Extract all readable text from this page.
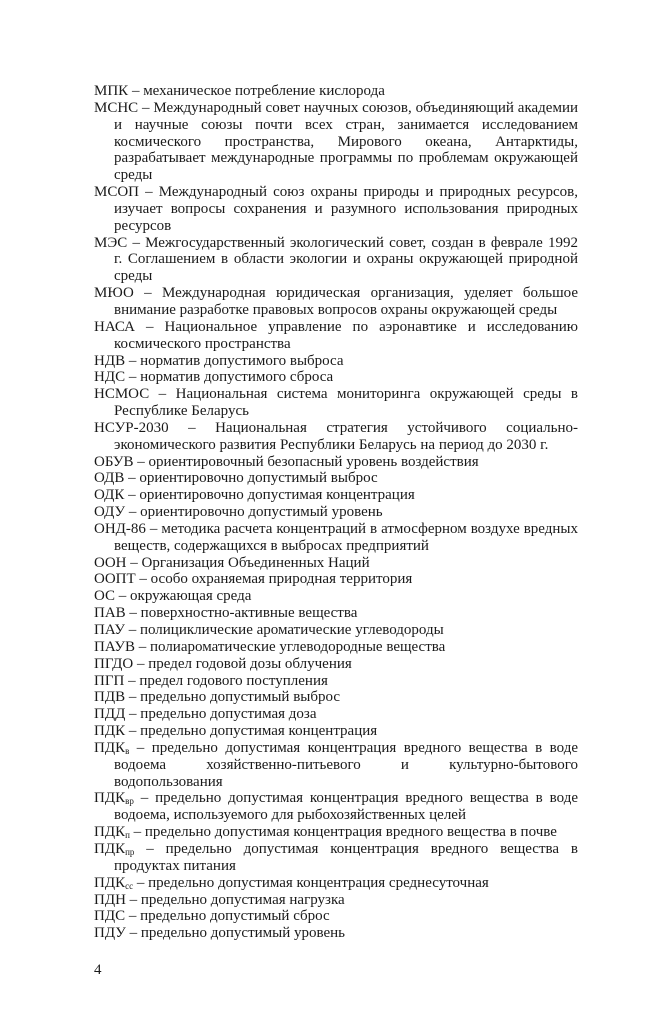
МПК – механическое потребление кислорода

МСНС – Международный совет научных союзов, объединяющий академии и научные союзы почти всех стран, занимается исследованием космического пространства, Мирового океана, Антарктиды, разрабатывает международные программы по проблемам окружающей среды

МСОП – Международный союз охраны природы и природных ресурсов, изучает вопросы сохранения и разумного использования природных ресурсов

МЭС – Межгосударственный экологический совет, создан в феврале 1992 г. Соглашением в области экологии и охраны окружающей природной среды

МЮО – Международная юридическая организация, уделяет большое внимание разработке правовых вопросов охраны окружающей среды

НАСА – Национальное управление по аэронавтике и исследованию космического пространства

НДВ – норматив допустимого выброса

НДС – норматив допустимого сброса

НСМОС – Национальная система мониторинга окружающей среды в Республике Беларусь

НСУР-2030 – Национальная стратегия устойчивого социально-экономического развития Республики Беларусь на период до 2030 г.

ОБУВ – ориентировочный безопасный уровень воздействия

ОДВ – ориентировочно допустимый выброс

ОДК – ориентировочно допустимая концентрация

ОДУ – ориентировочно допустимый уровень

ОНД-86 – методика расчета концентраций в атмосферном воздухе вредных веществ, содержащихся в выбросах предприятий

ООН – Организация Объединенных Наций

ООПТ – особо охраняемая природная территория

ОС – окружающая среда

ПАВ – поверхностно-активные вещества

ПАУ – полициклические ароматические углеводороды

ПАУВ – полиароматические углеводородные вещества

ПГДО – предел годовой дозы облучения

ПГП – предел годового поступления

ПДВ – предельно допустимый выброс

ПДД – предельно допустимая доза

ПДК – предельно допустимая концентрация

$ПДК_в$ – предельно допустимая концентрация вредного вещества в воде водоема хозяйственно-питьевого и культурно-бытового водопользования

$ПДК_{вр}$ – предельно допустимая концентрация вредного вещества в воде водоема, используемого для рыбохозяйственных целей

$ПДК_п$ – предельно допустимая концентрация вредного вещества в почве

$ПДК_{пр}$ – предельно допустимая концентрация вредного вещества в продуктах питания

$ПДК_{сс}$ – предельно допустимая концентрация среднесуточная

ПДН – предельно допустимая нагрузка

ПДС – предельно допустимый сброс

ПДУ – предельно допустимый уровень

4
